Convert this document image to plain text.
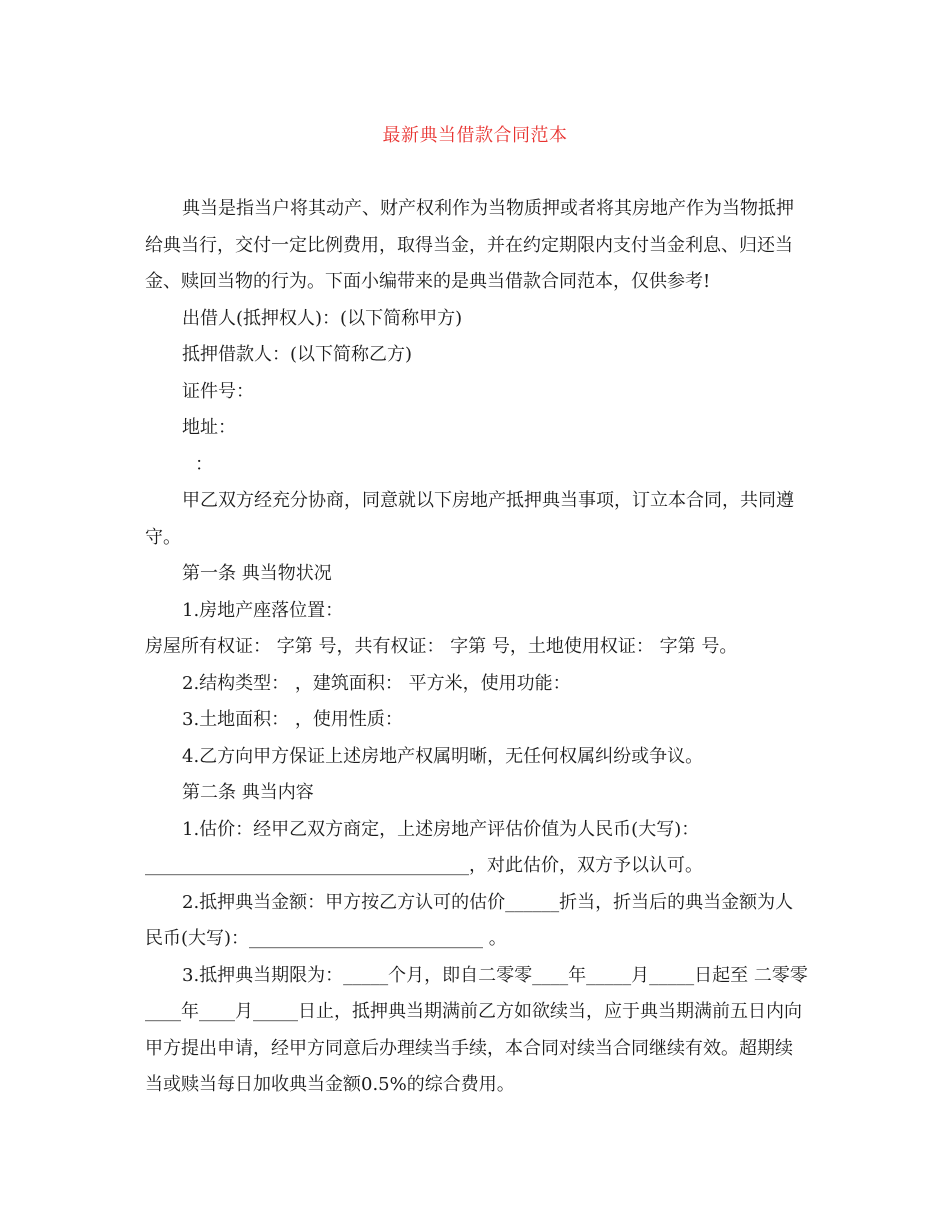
最新典当借款合同范本

典当是指当户将其动产、财产权利作为当物质押或者将其房地产作为当物抵押给典当行，交付一定比例费用，取得当金，并在约定期限内支付当金利息、归还当金、赎回当物的行为。下面小编带来的是典当借款合同范本，仅供参考!

出借人(抵押权人)：(以下简称甲方)

抵押借款人：(以下简称乙方)

证件号：

地址：

：

甲乙双方经充分协商，同意就以下房地产抵押典当事项，订立本合同，共同遵守。

第一条 典当物状况

1.房地产座落位置：

房屋所有权证： 字第 号，共有权证： 字第 号，土地使用权证： 字第 号。

2.结构类型： ，建筑面积： 平方米，使用功能：

3.土地面积： ，使用性质：

4.乙方向甲方保证上述房地产权属明晰，无任何权属纠纷或争议。

第二条 典当内容

1.估价：经甲乙双方商定，上述房地产评估价值为人民币(大写)：

____________________________________，对此估价，双方予以认可。

2.抵押典当金额：甲方按乙方认可的估价______折当，折当后的典当金额为人民币(大写)：__________________________ 。

3.抵押典当期限为：_____个月，即自二零零____年_____月_____日起至 二零零____年____月_____日止，抵押典当期满前乙方如欲续当，应于典当期满前五日内向甲方提出申请，经甲方同意后办理续当手续，本合同对续当合同继续有效。超期续当或赎当每日加收典当金额0.5%的综合费用。
